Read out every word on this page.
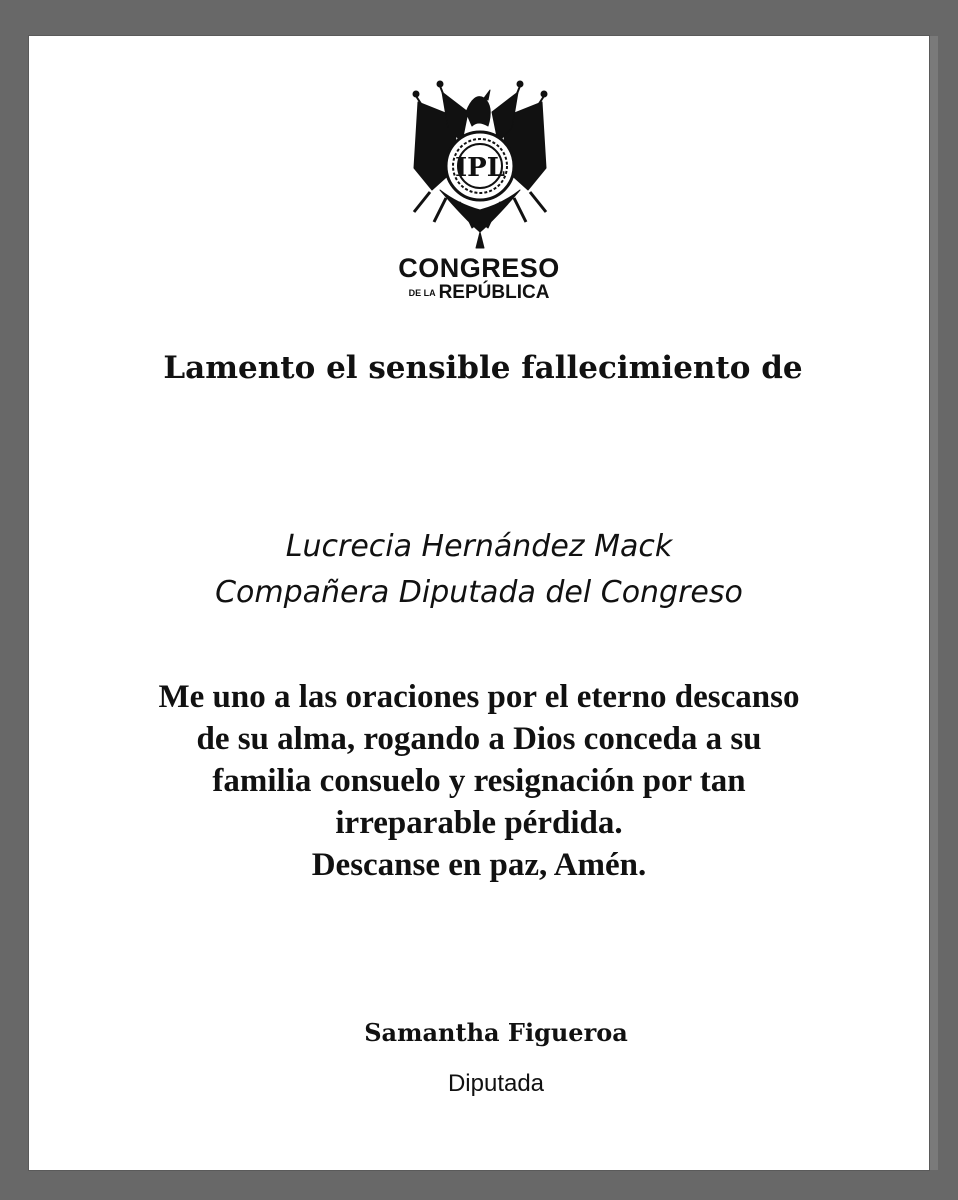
IPL
CONGRESO
DE LA REPÚBLICA
Lamento el sensible fallecimiento de
Lucrecia Hernández Mack
Compañera Diputada del Congreso
Me uno a las oraciones por el eterno descanso
de su alma, rogando a Dios conceda a su
familia consuelo y resignación por tan
irreparable pérdida.
Descanse en paz, Amén.
Samantha Figueroa
Diputada
